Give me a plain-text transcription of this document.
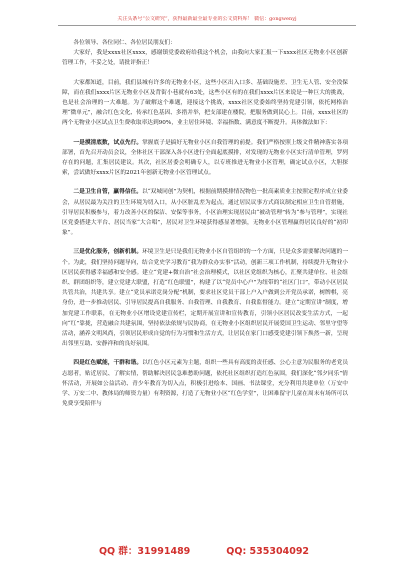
关注头条号“公文研究”，获得最新最全最专业的公文资料库！ 微信：gongwenyj

各位领导、各位同仁、各位居民朋友们：

大家好，我是xxxx社区xxxx，感谢镇党委政府给我这个机会，由我向大家汇报一下xxxx社区无物业小区创新管理工作，不妥之处，请批评指正！

大家都知道，目前，我们县城有许多的无物业小区，这些小区出入口多、基础设施差、卫生无人管、安全没保障，而在我们xxxx片区无物业小区及背街小巷就有63处，这些小区有的在我们xxxx片区来说是一种巨大的挑战，也是社会治理的一大难题。为了破解这个难题，迎接这个挑战，xxxx社区党委始终坚持党建引领，依托网格治理“微单元”，融合红色文化、传承红色基因、多措并举，把支部建在楼院，把服务做到民心上。目前，xxxx社区的两个无物业小区试点卫生费收取率达到90%，业主居住环境、幸福指数、满意度不断提升。具体做法如下：

一是摸清底数，试点先行。掌握底子是搞好无物业小区自我管理的前提。我们严格按照上级文件精神落实各项部署，首先召开动员会议，全体社区干部深入各小区进行全面起底摸排，对发现的无物业小区实行清单管理，罗列存在的问题，汇集居民建议。其次，社区居委会明确专人，以专班推进无物业小区管理，确定试点小区，大胆探索，尝试做好xxxx片区的2021年创新无物业小区管理试点。

二是卫生自管，赢得信任。以“双城同创”为契机，根据前期摸排情况物色一批高素质业主按照定程序成立业委会，从居民最为关注的卫生环境为切入口，从小区脏乱差为起点，通过居民议事方式商议制定相应卫生自管措施，引导居民积极参与，着力改善小区的保洁、安保等事务，小区治理实现居民由“被动管理”转为“参与管理”，实现社区党委搭建大平台、居民当家“大合唱”，居民对卫生环境获得感显著增强，无物业小区管理赢得居民良好的“初印象”。

三是优化服务，创新机制。环境卫生是只是我们无物业小区自管组织的一个方面，只是众多需要解决问题的一个。为此，我们坚持问题导向，结合党史学习教育“我为群众办实事”活动，创新三项工作机制，持续提升无物业小区居民获得感幸福感和安全感。建立“党建+微自治”社会治理模式，以社区党组织为核心，汇聚共建单位、社会组织、群团组织等，建立党建大联盟，打造“红色联盟”，构建了以“党员中心户”为纽带的“社区门口”，带动小区居民共管共治，共建共享。建立“党员承诺竞岗分配”机制，要求社区党员干部上户入户做到公开党员承诺，树牌棋，亮身份，进一步推动居民、引导居民提高自我服务、自我管理、自我教育、自我监督能力。建立“定期宣讲”制度，增加党建工作联系，在无物业小区增设党建宣传栏，定期开展宣讲和宣传教育，引领小区居民改变生活方式，一起向“红”靠拢，营造融合共建氛围，坚持依法依规与民协商，在无物业小区组织居民开展爱国卫生运动、邻里守望等活动，涵养文明风尚，引领居民形成自觉的行为习惯和生活方式，让居民在家门口感受党建引领下焕然一新，呈现出邻里互助、安静祥和的良好氛围。

四是红色赋能，干群和谐。以红色小区元素为主题，组织一些具有高度的责任感、公心主意为民服务的老党员志愿者，贴近居民、了解实情，帮助解决居民急难愁盼问题，依托社区组织打造红色氛围，我们深化“邻夕同乐”情怀活动，开展如公益活动、青少年教育为切入点，积极引进绘本、国画、书法课堂，充分利用共建单位（万安中学、万安二中、教体局的师资力量）有利资源，打造了无物业小区“红色学堂”，让困难留守儿童在周末有场所可以免费享受陪伴与

QQ 群：31991489	QQ: 535304092
